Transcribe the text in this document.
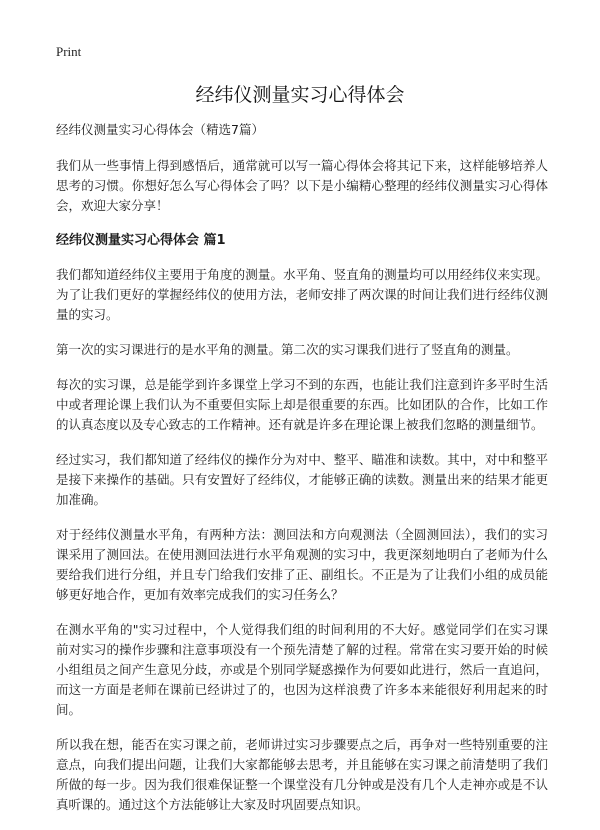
Print
经纬仪测量实习心得体会

经纬仪测量实习心得体会（精选7篇）

我们从一些事情上得到感悟后，通常就可以写一篇心得体会将其记下来，这样能够培养人思考的习惯。你想好怎么写心得体会了吗？以下是小编精心整理的经纬仪测量实习心得体会，欢迎大家分享！

经纬仪测量实习心得体会 篇1

我们都知道经纬仪主要用于角度的测量。水平角、竖直角的测量均可以用经纬仪来实现。为了让我们更好的掌握经纬仪的使用方法，老师安排了两次课的时间让我们进行经纬仪测量的实习。

第一次的实习课进行的是水平角的测量。第二次的实习课我们进行了竖直角的测量。

每次的实习课，总是能学到许多课堂上学习不到的东西，也能让我们注意到许多平时生活中或者理论课上我们认为不重要但实际上却是很重要的东西。比如团队的合作，比如工作的认真态度以及专心致志的工作精神。还有就是许多在理论课上被我们忽略的测量细节。

经过实习，我们都知道了经纬仪的操作分为对中、整平、瞄准和读数。其中，对中和整平是接下来操作的基础。只有安置好了经纬仪，才能够正确的读数。测量出来的结果才能更加准确。

对于经纬仪测量水平角，有两种方法：测回法和方向观测法（全圆测回法），我们的实习课采用了测回法。在使用测回法进行水平角观测的实习中，我更深刻地明白了老师为什么要给我们进行分组，并且专门给我们安排了正、副组长。不正是为了让我们小组的成员能够更好地合作，更加有效率完成我们的实习任务么？

在测水平角的"实习过程中，个人觉得我们组的时间利用的不大好。感觉同学们在实习课前对实习的操作步骤和注意事项没有一个预先清楚了解的过程。常常在实习要开始的时候小组组员之间产生意见分歧，亦或是个别同学疑惑操作为何要如此进行，然后一直追问，而这一方面是老师在课前已经讲过了的，也因为这样浪费了许多本来能很好利用起来的时间。

所以我在想，能否在实习课之前，老师讲过实习步骤要点之后，再争对一些特别重要的注意点，向我们提出问题，让我们大家都能够去思考，并且能够在实习课之前清楚明了我们所做的每一步。因为我们很难保证整一个课堂没有几分钟或是没有几个人走神亦或是不认真听课的。通过这个方法能够让大家及时巩固要点知识。
